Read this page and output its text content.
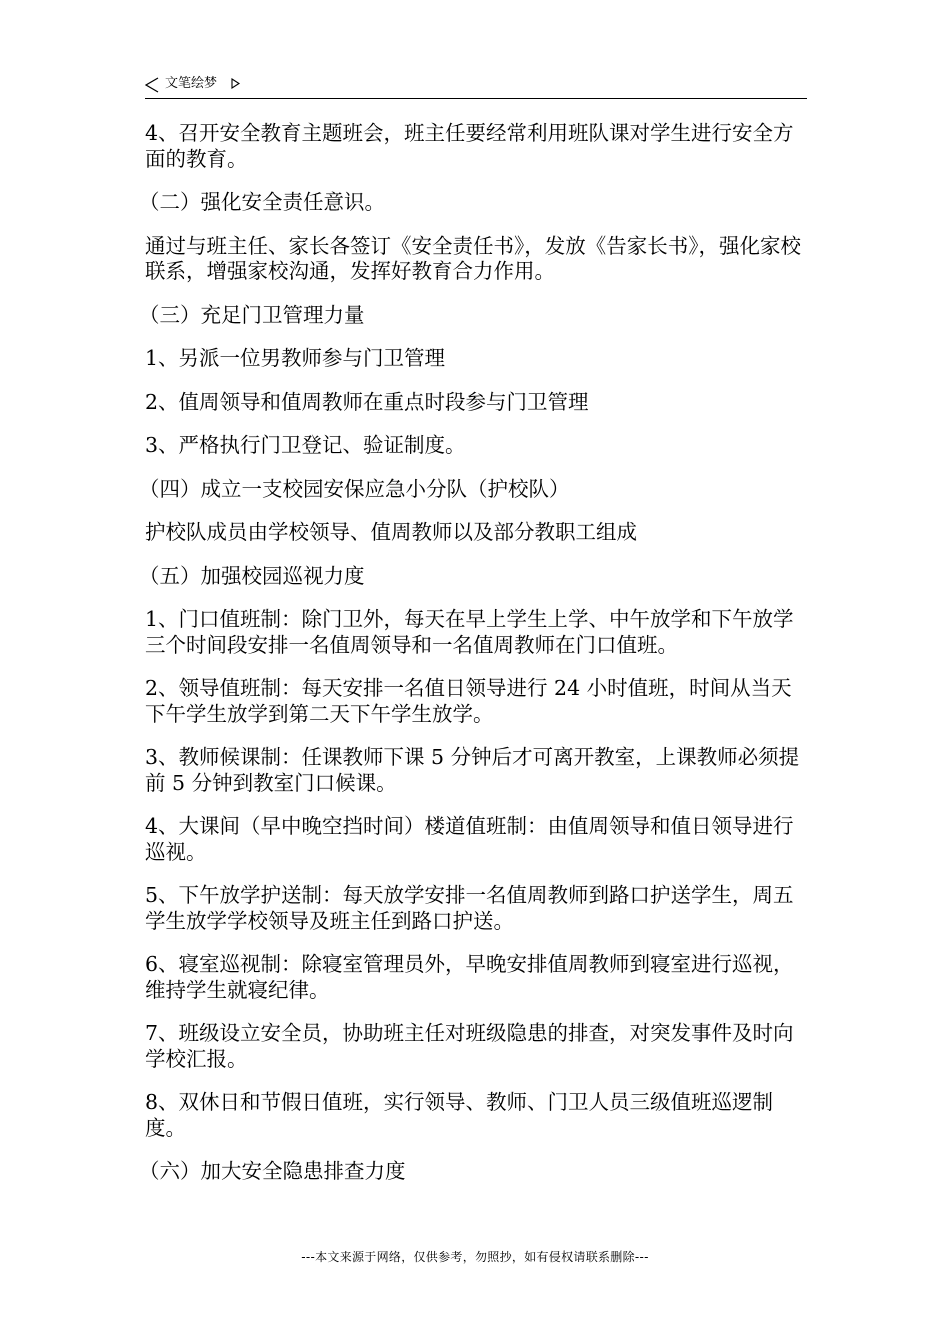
文笔绘梦

4、召开安全教育主题班会，班主任要经常利用班队课对学生进行安全方面的教育。

（二）强化安全责任意识。

通过与班主任、家长各签订《安全责任书》，发放《告家长书》，强化家校联系，增强家校沟通，发挥好教育合力作用。

（三）充足门卫管理力量

1、另派一位男教师参与门卫管理

2、值周领导和值周教师在重点时段参与门卫管理

3、严格执行门卫登记、验证制度。

（四）成立一支校园安保应急小分队（护校队）

护校队成员由学校领导、值周教师以及部分教职工组成

（五）加强校园巡视力度

1、门口值班制：除门卫外，每天在早上学生上学、中午放学和下午放学三个时间段安排一名值周领导和一名值周教师在门口值班。

2、领导值班制：每天安排一名值日领导进行 24 小时值班，时间从当天下午学生放学到第二天下午学生放学。

3、教师候课制：任课教师下课 5 分钟后才可离开教室，上课教师必须提前 5 分钟到教室门口候课。

4、大课间（早中晚空挡时间）楼道值班制：由值周领导和值日领导进行巡视。

5、下午放学护送制：每天放学安排一名值周教师到路口护送学生，周五学生放学学校领导及班主任到路口护送。

6、寝室巡视制：除寝室管理员外，早晚安排值周教师到寝室进行巡视，维持学生就寝纪律。

7、班级设立安全员，协助班主任对班级隐患的排查，对突发事件及时向学校汇报。

8、双休日和节假日值班，实行领导、教师、门卫人员三级值班巡逻制度。

（六）加大安全隐患排查力度

---本文来源于网络，仅供参考，勿照抄，如有侵权请联系删除---
